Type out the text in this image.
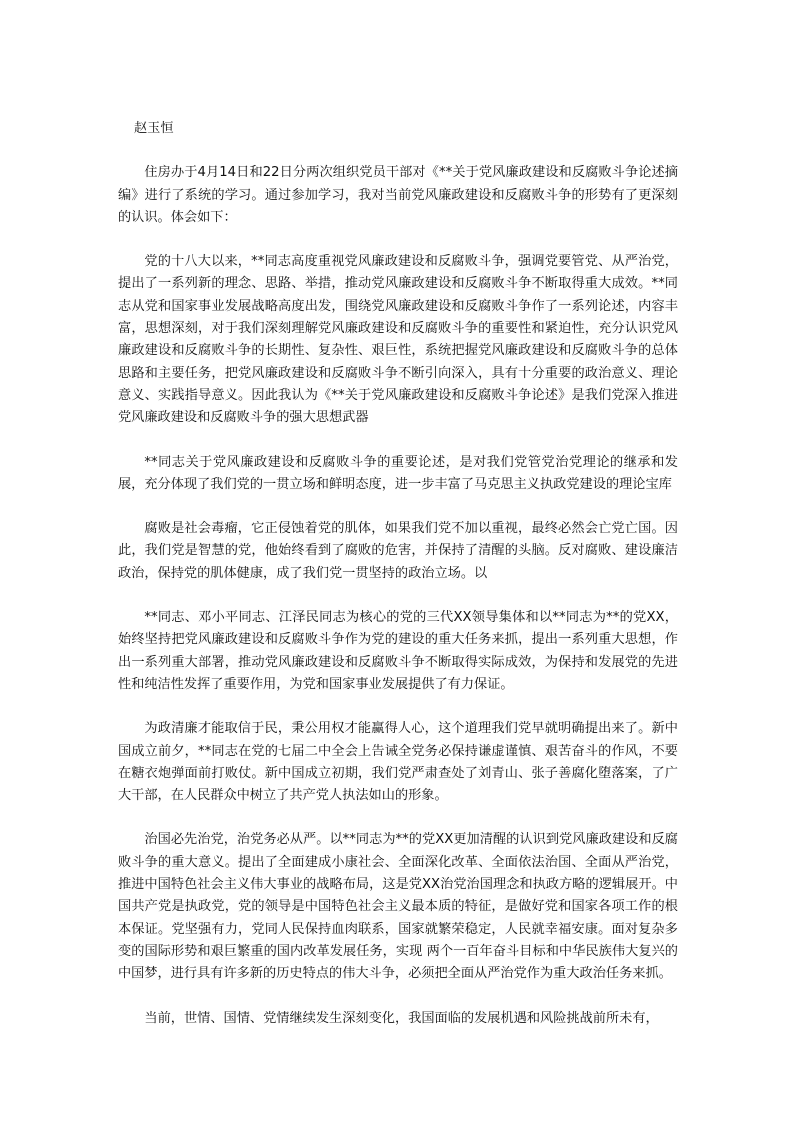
赵玉恒

住房办于4月14日和22日分两次组织党员干部对《**关于党风廉政建设和反腐败斗争论述摘编》进行了系统的学习。通过参加学习，我对当前党风廉政建设和反腐败斗争的形势有了更深刻的认识。体会如下：

党的十八大以来，**同志高度重视党风廉政建设和反腐败斗争，强调党要管党、从严治党，提出了一系列新的理念、思路、举措，推动党风廉政建设和反腐败斗争不断取得重大成效。**同志从党和国家事业发展战略高度出发，围绕党风廉政建设和反腐败斗争作了一系列论述，内容丰富，思想深刻，对于我们深刻理解党风廉政建设和反腐败斗争的重要性和紧迫性，充分认识党风廉政建设和反腐败斗争的长期性、复杂性、艰巨性，系统把握党风廉政建设和反腐败斗争的总体思路和主要任务，把党风廉政建设和反腐败斗争不断引向深入，具有十分重要的政治意义、理论意义、实践指导意义。因此我认为《**关于党风廉政建设和反腐败斗争论述》是我们党深入推进党风廉政建设和反腐败斗争的强大思想武器

**同志关于党风廉政建设和反腐败斗争的重要论述，是对我们党管党治党理论的继承和发展，充分体现了我们党的一贯立场和鲜明态度，进一步丰富了马克思主义执政党建设的理论宝库

腐败是社会毒瘤，它正侵蚀着党的肌体，如果我们党不加以重视，最终必然会亡党亡国。因此，我们党是智慧的党，他始终看到了腐败的危害，并保持了清醒的头脑。反对腐败、建设廉洁政治，保持党的肌体健康，成了我们党一贯坚持的政治立场。以

**同志、邓小平同志、江泽民同志为核心的党的三代XX领导集体和以**同志为**的党XX，始终坚持把党风廉政建设和反腐败斗争作为党的建设的重大任务来抓，提出一系列重大思想，作出一系列重大部署，推动党风廉政建设和反腐败斗争不断取得实际成效，为保持和发展党的先进性和纯洁性发挥了重要作用，为党和国家事业发展提供了有力保证。

为政清廉才能取信于民，秉公用权才能赢得人心，这个道理我们党早就明确提出来了。新中国成立前夕，**同志在党的七届二中全会上告诫全党务必保持谦虚谨慎、艰苦奋斗的作风，不要在糖衣炮弹面前打败仗。新中国成立初期，我们党严肃查处了刘青山、张子善腐化堕落案，了广大干部，在人民群众中树立了共产党人执法如山的形象。

治国必先治党，治党务必从严。以**同志为**的党XX更加清醒的认识到党风廉政建设和反腐败斗争的重大意义。提出了全面建成小康社会、全面深化改革、全面依法治国、全面从严治党，推进中国特色社会主义伟大事业的战略布局，这是党XX治党治国理念和执政方略的逻辑展开。中国共产党是执政党，党的领导是中国特色社会主义最本质的特征，是做好党和国家各项工作的根本保证。党坚强有力，党同人民保持血肉联系，国家就繁荣稳定，人民就幸福安康。面对复杂多变的国际形势和艰巨繁重的国内改革发展任务，实现 两个一百年奋斗目标和中华民族伟大复兴的中国梦，进行具有许多新的历史特点的伟大斗争，必须把全面从严治党作为重大政治任务来抓。

当前，世情、国情、党情继续发生深刻变化，我国面临的发展机遇和风险挑战前所未有，
